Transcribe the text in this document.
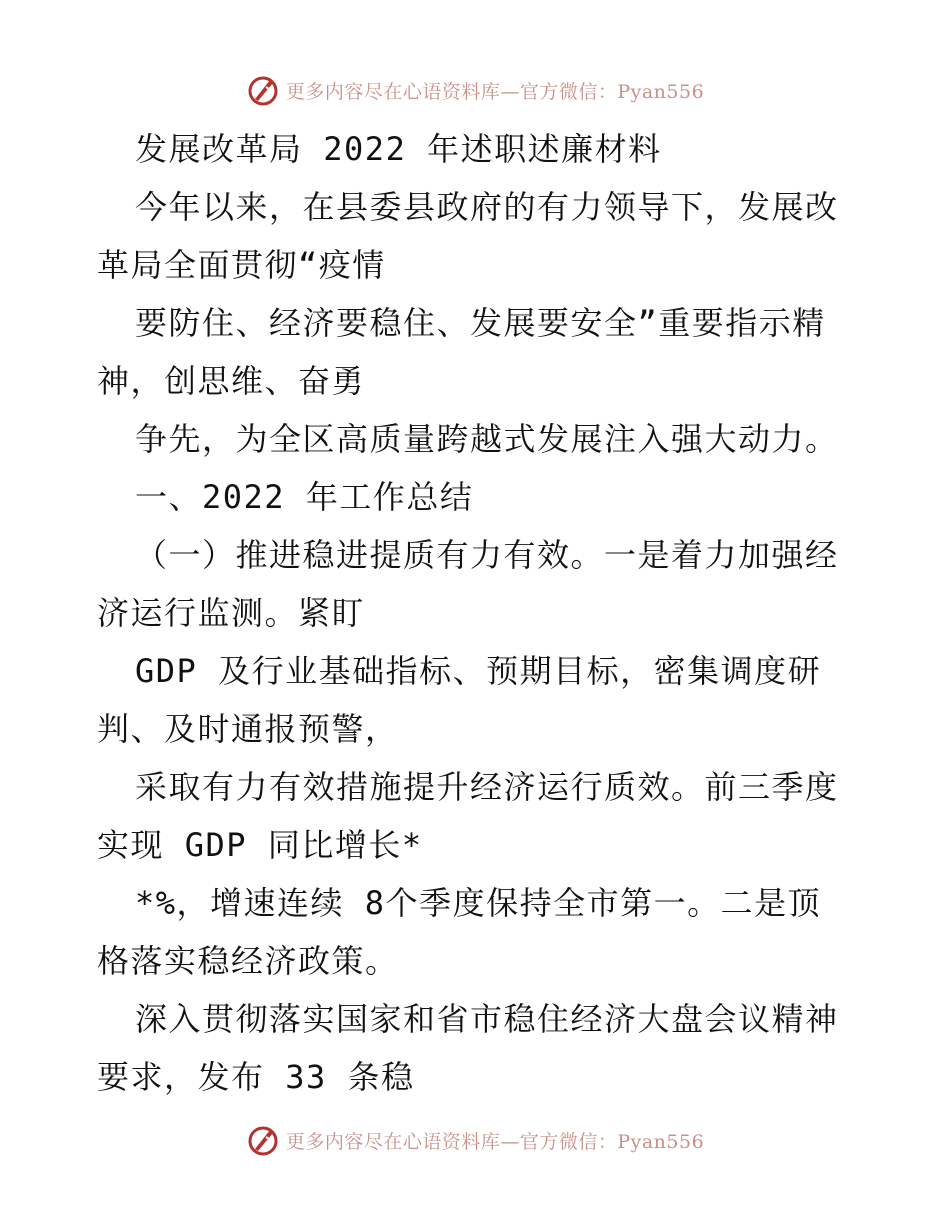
更多内容尽在心语资料库—官方微信：Pyan556
发展改革局 2022 年述职述廉材料
今年以来，在县委县政府的有力领导下，发展改
革局全面贯彻“疫情
要防住、经济要稳住、发展要安全”重要指示精
神，创思维、奋勇
争先，为全区高质量跨越式发展注入强大动力。
一、2022 年工作总结
（一）推进稳进提质有力有效。一是着力加强经
济运行监测。紧盯
GDP 及行业基础指标、预期目标，密集调度研
判、及时通报预警，
采取有力有效措施提升经济运行质效。前三季度
实现 GDP 同比增长*
*%，增速连续 8个季度保持全市第一。二是顶
格落实稳经济政策。
深入贯彻落实国家和省市稳住经济大盘会议精神
要求，发布 33 条稳
更多内容尽在心语资料库—官方微信：Pyan556
